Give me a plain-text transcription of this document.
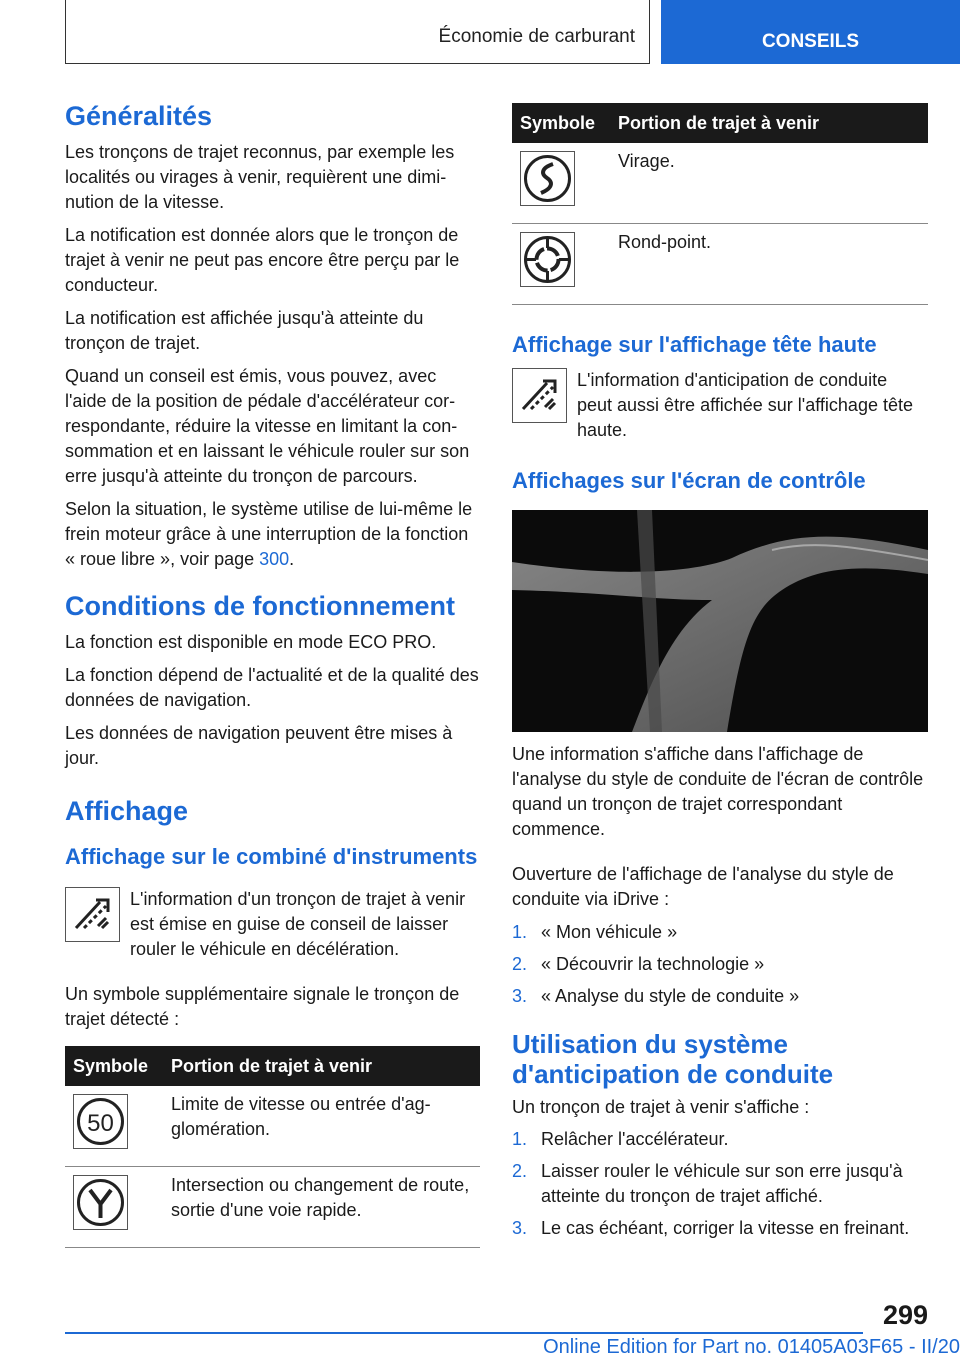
Économie de carburant	CONSEILS
Généralités

Les tronçons de trajet reconnus, par exemple les localités ou virages à venir, requièrent une diminution de la vitesse.

La notification est donnée alors que le tronçon de trajet à venir ne peut pas encore être perçu par le conducteur.

La notification est affichée jusqu'à atteinte du tronçon de trajet.

Quand un conseil est émis, vous pouvez, avec l'aide de la position de pédale d'accélérateur correspondante, réduire la vitesse en limitant la consommation et en laissant le véhicule rouler sur son erre jusqu'à atteinte du tronçon de parcours.

Selon la situation, le système utilise de lui-même le frein moteur grâce à une interruption de la fonction « roue libre », voir page 300.

Conditions de fonctionnement

La fonction est disponible en mode ECO PRO.

La fonction dépend de l'actualité et de la qualité des données de navigation.

Les données de navigation peuvent être mises à jour.

Affichage
Affichage sur le combiné d'instruments

L'information d'un tronçon de trajet à venir est émise en guise de conseil de laisser rouler le véhicule en décélération.

Un symbole supplémentaire signale le tronçon de trajet détecté :

Symbole	Portion de trajet à venir

50	Limite de vitesse ou entrée d'agglomération.

	Intersection ou changement de route, sortie d'une voie rapide.
Symbole	Portion de trajet à venir

	Virage.

	Rond-point.
Affichage sur l'affichage tête haute

L'information d'anticipation de conduite peut aussi être affichée sur l'affichage tête haute.

Affichages sur l'écran de contrôle

Une information s'affiche dans l'affichage de l'analyse du style de conduite de l'écran de contrôle quand un tronçon de trajet correspondant commence.

Ouverture de l'affichage de l'analyse du style de conduite via iDrive :

1. « Mon véhicule »
2. « Découvrir la technologie »
3. « Analyse du style de conduite »
Utilisation du système d'anticipation de conduite

Un tronçon de trajet à venir s'affiche :

1. Relâcher l'accélérateur.
2. Laisser rouler le véhicule sur son erre jusqu'à atteinte du tronçon de trajet affiché.
3. Le cas échéant, corriger la vitesse en freinant.
299
Online Edition for Part no. 01405A03F65 - II/20
